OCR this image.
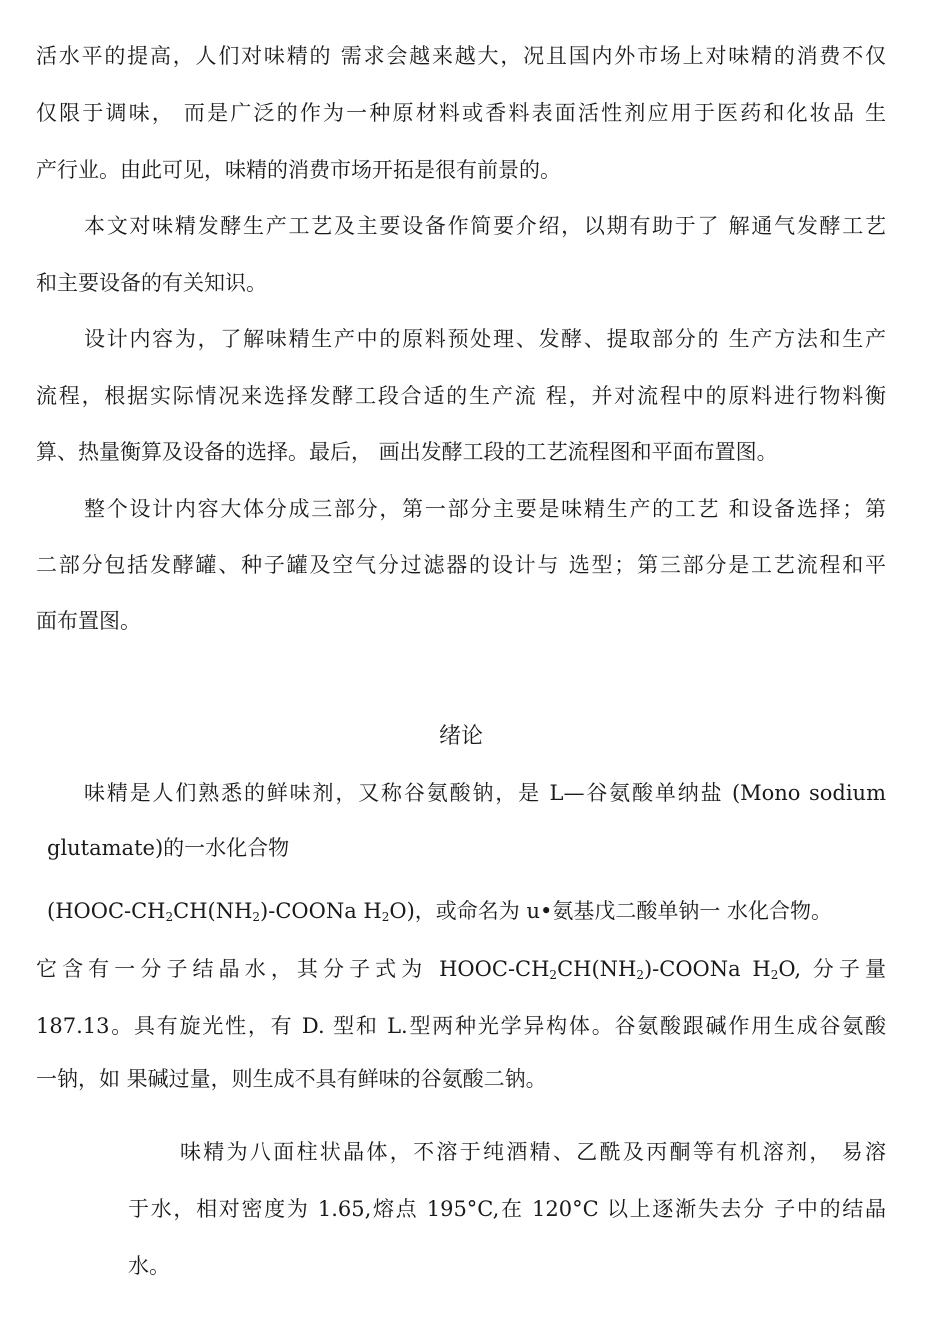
活水平的提高，人们对味精的 需求会越来越大，况且国内外市场上对味精的消费不仅
仅限于调味， 而是广泛的作为一种原材料或香料表面活性剂应用于医药和化妆品 生
产行业。由此可见，味精的消费市场开拓是很有前景的。
本文对味精发酵生产工艺及主要设备作简要介绍，以期有助于了 解通气发酵工艺
和主要设备的有关知识。
设计内容为，了解味精生产中的原料预处理、发酵、提取部分的 生产方法和生产
流程，根据实际情况来选择发酵工段合适的生产流 程，并对流程中的原料进行物料衡
算、热量衡算及设备的选择。最后， 画出发酵工段的工艺流程图和平面布置图。
整个设计内容大体分成三部分，第一部分主要是味精生产的工艺 和设备选择；第
二部分包括发酵罐、种子罐及空气分过滤器的设计与 选型；第三部分是工艺流程和平
面布置图。
绪论
味精是人们熟悉的鲜味剂，又称谷氨酸钠，是 L—谷氨酸单纳盐 (Mono sodium
glutamate)的一水化合物
($HOOC-CH_2CH(NH_2)$-COONa $H_2O$)，或命名为 u•氨基戊二酸单钠一 水化合物。
它含有一分子结晶水，其分子式为 HOOC-$CH_2CH(NH_2)$-COONa $H_2O$, 分子量
187.13。具有旋光性，有 D. 型和 L.型两种光学异构体。谷氨酸跟碱作用生成谷氨酸
一钠，如 果碱过量，则生成不具有鲜味的谷氨酸二钠。
味精为八面柱状晶体，不溶于纯酒精、乙酰及丙酮等有机溶剂， 易溶
于水，相对密度为 1.65,熔点 195°C,在 120°C 以上逐渐失去分 子中的结晶
水。
